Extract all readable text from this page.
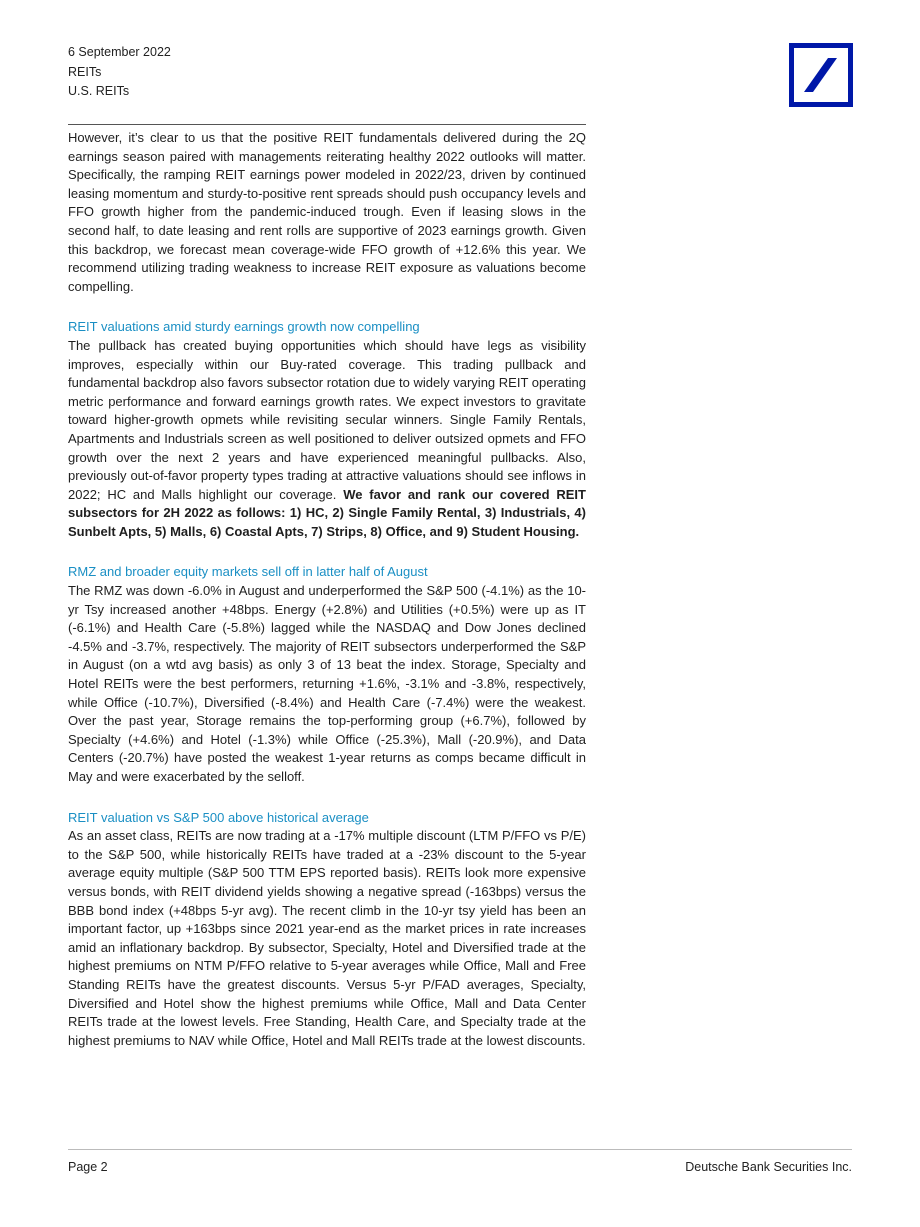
6 September 2022
REITs
U.S. REITs

However, it’s clear to us that the positive REIT fundamentals delivered during the 2Q earnings season paired with managements reiterating healthy 2022 outlooks will matter. Specifically, the ramping REIT earnings power modeled in 2022/23, driven by continued leasing momentum and sturdy-to-positive rent spreads should push occupancy levels and FFO growth higher from the pandemic-induced trough. Even if leasing slows in the second half, to date leasing and rent rolls are supportive of 2023 earnings growth. Given this backdrop, we forecast mean coverage-wide FFO growth of +12.6% this year. We recommend utilizing trading weakness to increase REIT exposure as valuations become compelling.

REIT valuations amid sturdy earnings growth now compelling

The pullback has created buying opportunities which should have legs as visibility improves, especially within our Buy-rated coverage. This trading pullback and fundamental backdrop also favors subsector rotation due to widely varying REIT operating metric performance and forward earnings growth rates. We expect investors to gravitate toward higher-growth opmets while revisiting secular winners. Single Family Rentals, Apartments and Industrials screen as well positioned to deliver outsized opmets and FFO growth over the next 2 years and have experienced meaningful pullbacks. Also, previously out-of-favor property types trading at attractive valuations should see inflows in 2022; HC and Malls highlight our coverage. We favor and rank our covered REIT subsectors for 2H 2022 as follows: 1) HC, 2) Single Family Rental, 3) Industrials, 4) Sunbelt Apts, 5) Malls, 6) Coastal Apts, 7) Strips, 8) Office, and 9) Student Housing.

RMZ and broader equity markets sell off in latter half of August

The RMZ was down -6.0% in August and underperformed the S&P 500 (-4.1%) as the 10-yr Tsy increased another +48bps. Energy (+2.8%) and Utilities (+0.5%) were up as IT (-6.1%) and Health Care (-5.8%) lagged while the NASDAQ and Dow Jones declined -4.5% and -3.7%, respectively. The majority of REIT subsectors underperformed the S&P in August (on a wtd avg basis) as only 3 of 13 beat the index. Storage, Specialty and Hotel REITs were the best performers, returning +1.6%, -3.1% and -3.8%, respectively, while Office (-10.7%), Diversified (-8.4%) and Health Care (-7.4%) were the weakest. Over the past year, Storage remains the top-performing group (+6.7%), followed by Specialty (+4.6%) and Hotel (-1.3%) while Office (-25.3%), Mall (-20.9%), and Data Centers (-20.7%) have posted the weakest 1-year returns as comps became difficult in May and were exacerbated by the selloff.

REIT valuation vs S&P 500 above historical average

As an asset class, REITs are now trading at a -17% multiple discount (LTM P/FFO vs P/E) to the S&P 500, while historically REITs have traded at a -23% discount to the 5-year average equity multiple (S&P 500 TTM EPS reported basis). REITs look more expensive versus bonds, with REIT dividend yields showing a negative spread (-163bps) versus the BBB bond index (+48bps 5-yr avg). The recent climb in the 10-yr tsy yield has been an important factor, up +163bps since 2021 year-end as the market prices in rate increases amid an inflationary backdrop. By subsector, Specialty, Hotel and Diversified trade at the highest premiums on NTM P/FFO relative to 5-year averages while Office, Mall and Free Standing REITs have the greatest discounts. Versus 5-yr P/FAD averages, Specialty, Diversified and Hotel show the highest premiums while Office, Mall and Data Center REITs trade at the lowest levels. Free Standing, Health Care, and Specialty trade at the highest premiums to NAV while Office, Hotel and Mall REITs trade at the lowest discounts.

Page 2	Deutsche Bank Securities Inc.
